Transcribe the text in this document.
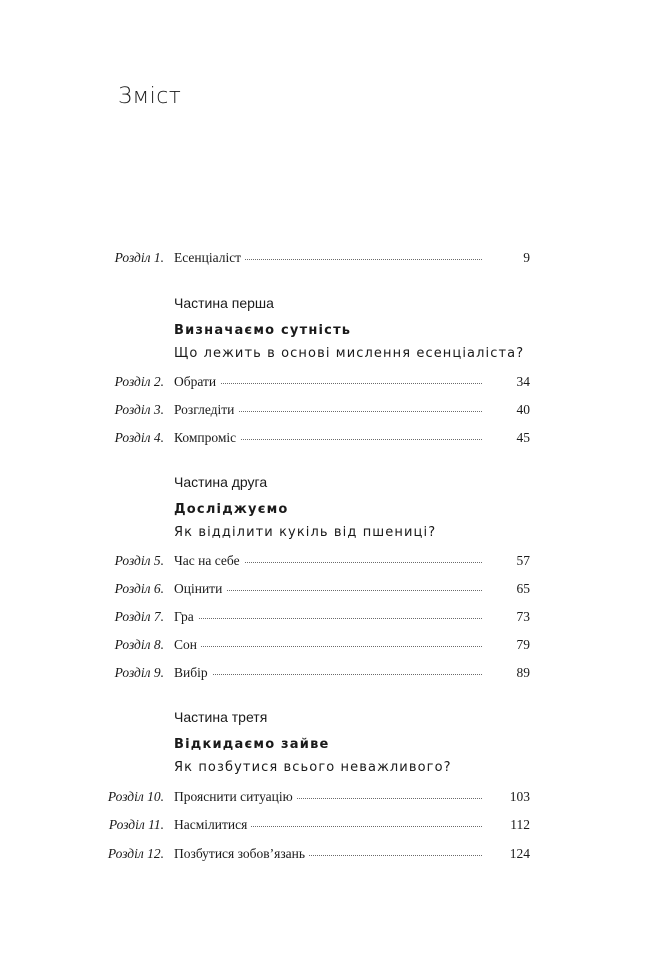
Зміст
Розділ 1. Есенціаліст	9
Частина перша
Визначаємо сутність
Що лежить в основі мислення есенціаліста?
Розділ 2. Обрати	34
Розділ 3. Розгледіти	40
Розділ 4. Компроміс	45
Частина друга
Досліджуємо
Як відділити кукіль від пшениці?
Розділ 5. Час на себе	57
Розділ 6. Оцінити	65
Розділ 7. Гра	73
Розділ 8. Сон	79
Розділ 9. Вибір	89
Частина третя
Відкидаємо зайве
Як позбутися всього неважливого?
Розділ 10. Прояснити ситуацію	103
Розділ 11. Насмілитися	112
Розділ 12. Позбутися зобов’язань	124
